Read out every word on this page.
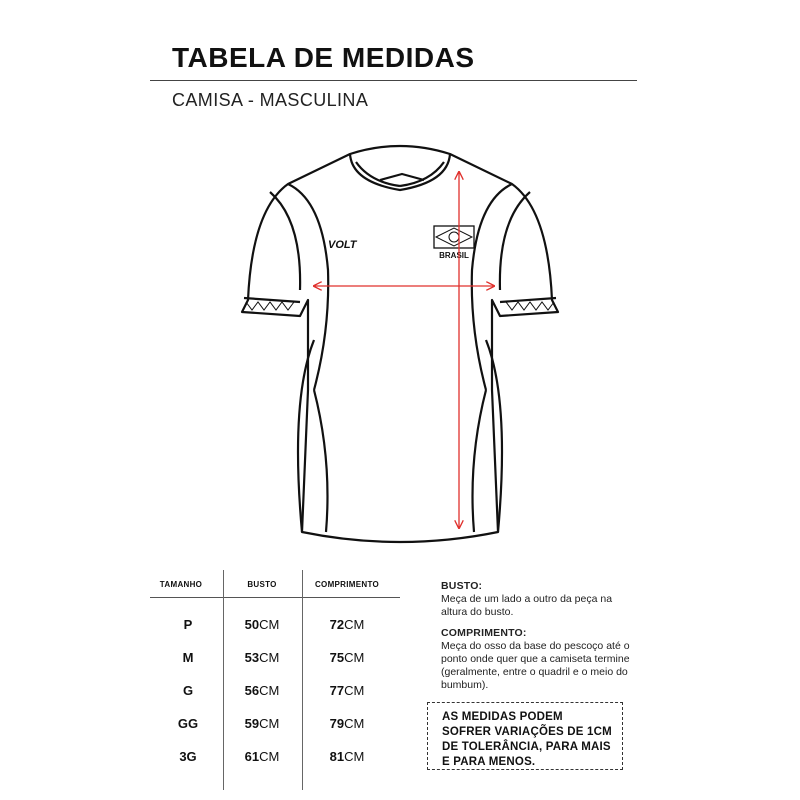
TABELA DE MEDIDAS
CAMISA - MASCULINA
VOLT
BRASIL
TAMANHO	BUSTO	COMPRIMENTO
P	50CM	72CM
M	53CM	75CM
G	56CM	77CM
GG	59CM	79CM
3G	61CM	81CM
BUSTO:
Meça de um lado a outro da peça na altura do busto.
COMPRIMENTO:
Meça do osso da base do pescoço até o ponto onde quer que a camiseta termine (geralmente, entre o quadril e o meio do bumbum).
AS MEDIDAS PODEM
SOFRER VARIAÇÕES DE 1CM
DE TOLERÂNCIA, PARA MAIS
E PARA MENOS.
